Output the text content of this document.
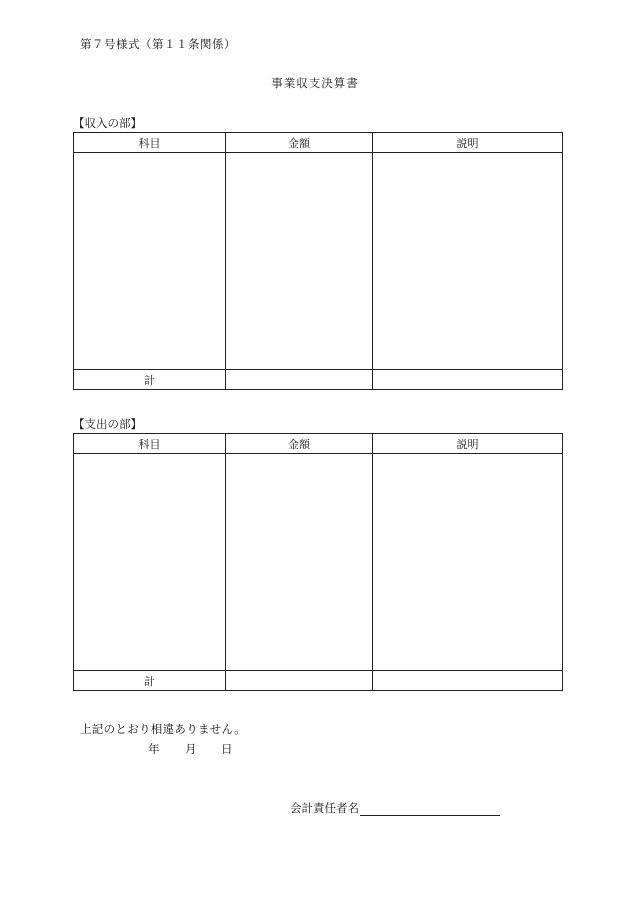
第７号様式（第１１条関係）
事業収支決算書
【収入の部】
科目	金額	説明

計		
【支出の部】
科目	金額	説明

計		
上記のとおり相違ありません。
年 月 日
会計責任者名
